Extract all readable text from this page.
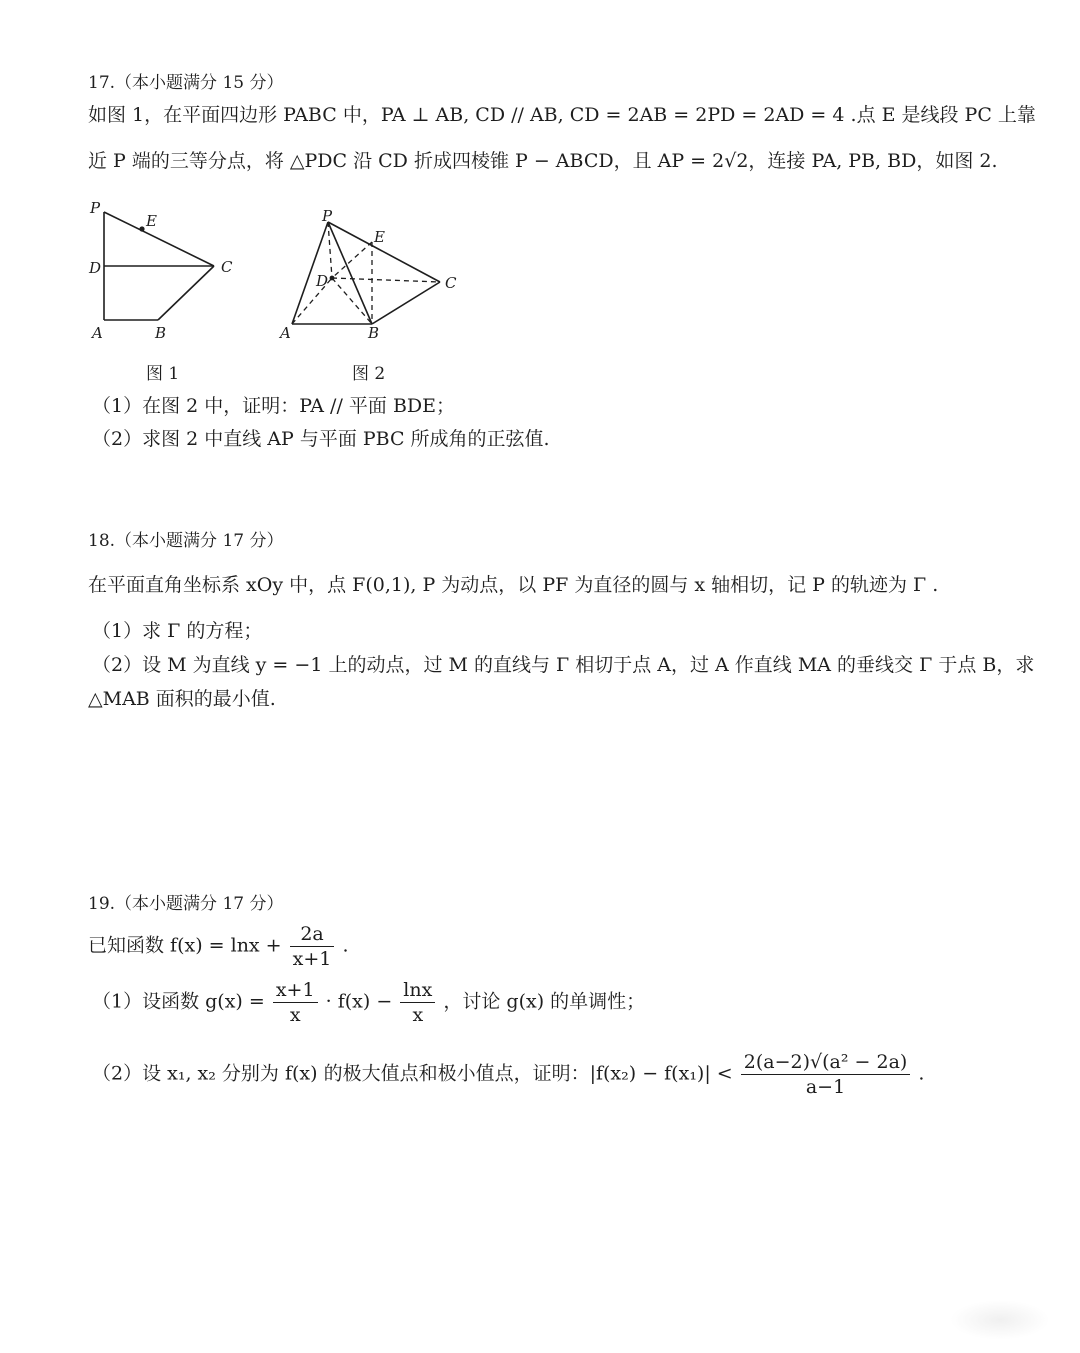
17.（本小题满分 15 分）
如图 1，在平面四边形 PABC 中，PA ⊥ AB, CD // AB, CD = 2AB = 2PD = 2AD = 4 .点 E 是线段 PC 上靠
近 P 端的三等分点，将 △PDC 沿 CD 折成四棱锥 P − ABCD，且 AP = 2√2，连接 PA, PB, BD，如图 2.
P
E
D	C
A	B
图 1
P
E
D	C
A	B
图 2
（1）在图 2 中，证明：PA // 平面 BDE；
（2）求图 2 中直线 AP 与平面 PBC 所成角的正弦值.
18.（本小题满分 17 分）
在平面直角坐标系 xOy 中，点 F(0,1), P 为动点，以 PF 为直径的圆与 x 轴相切，记 P 的轨迹为 Γ .
（1）求 Γ 的方程；
（2）设 M 为直线 y = −1 上的动点，过 M 的直线与 Γ 相切于点 A，过 A 作直线 MA 的垂线交 Γ 于点 B，求
△MAB 面积的最小值.
19.（本小题满分 17 分）
已知函数 $f(x) = \ln x + \frac{2a}{x+1}$ .
（1）设函数 $g(x) = \frac{x+1}{x} \cdot f(x) - \frac{\ln x}{x}$ ，讨论 g(x) 的单调性；
（2）设 x₁, x₂ 分别为 f(x) 的极大值点和极小值点，证明：$|f(x_2) - f(x_1)| < \frac{\text{2(a−2)√(a² − 2a)}}{a-1}$ .
